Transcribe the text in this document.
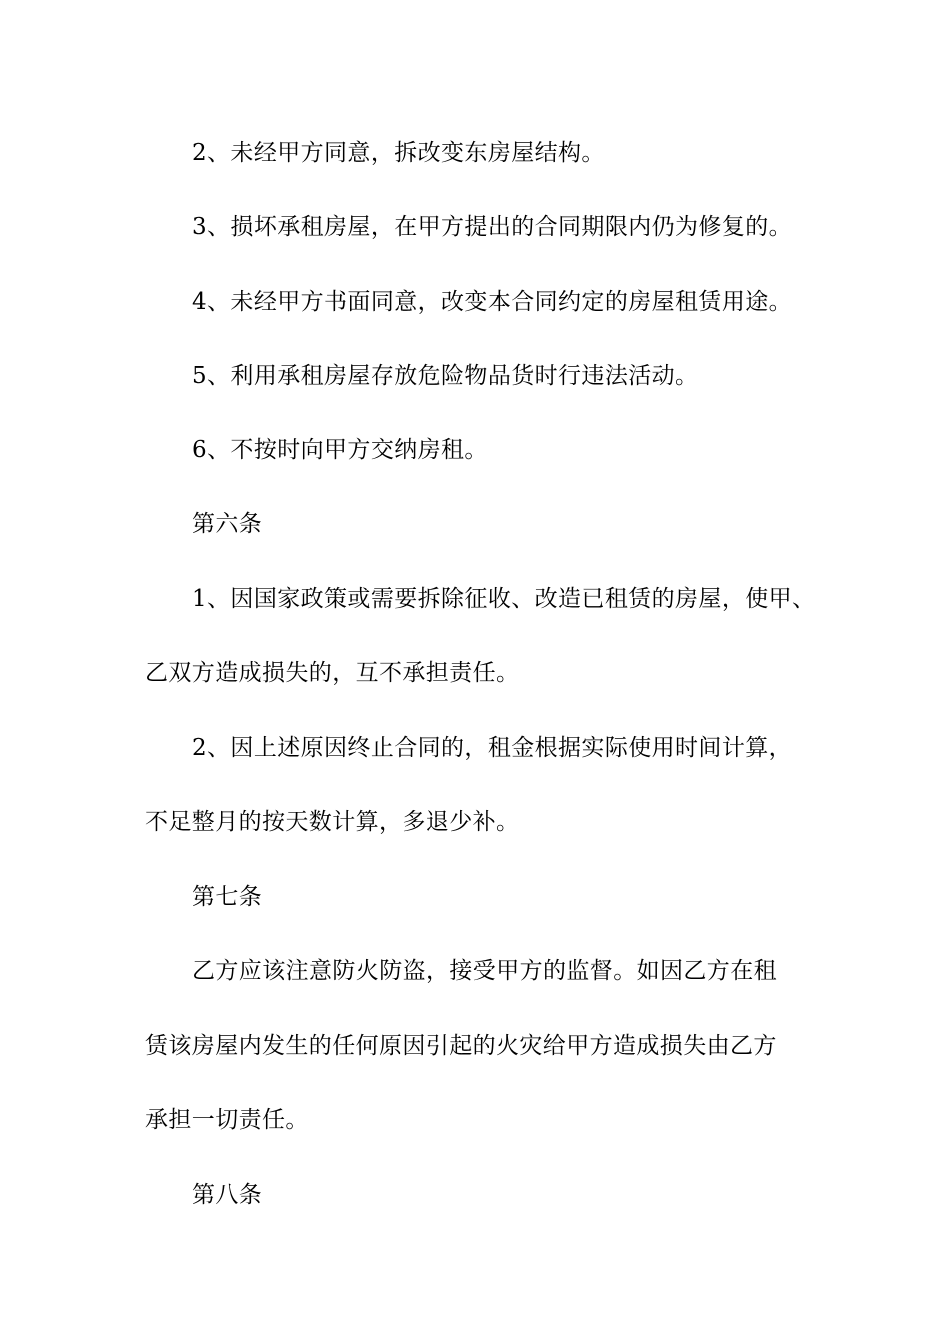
2、未经甲方同意，拆改变东房屋结构。
3、损坏承租房屋，在甲方提出的合同期限内仍为修复的。
4、未经甲方书面同意，改变本合同约定的房屋租赁用途。
5、利用承租房屋存放危险物品货时行违法活动。
6、不按时向甲方交纳房租。
第六条
1、因国家政策或需要拆除征收、改造已租赁的房屋，使甲、
乙双方造成损失的，互不承担责任。
2、因上述原因终止合同的，租金根据实际使用时间计算，
不足整月的按天数计算，多退少补。
第七条
乙方应该注意防火防盗，接受甲方的监督。如因乙方在租
赁该房屋内发生的任何原因引起的火灾给甲方造成损失由乙方
承担一切责任。
第八条
